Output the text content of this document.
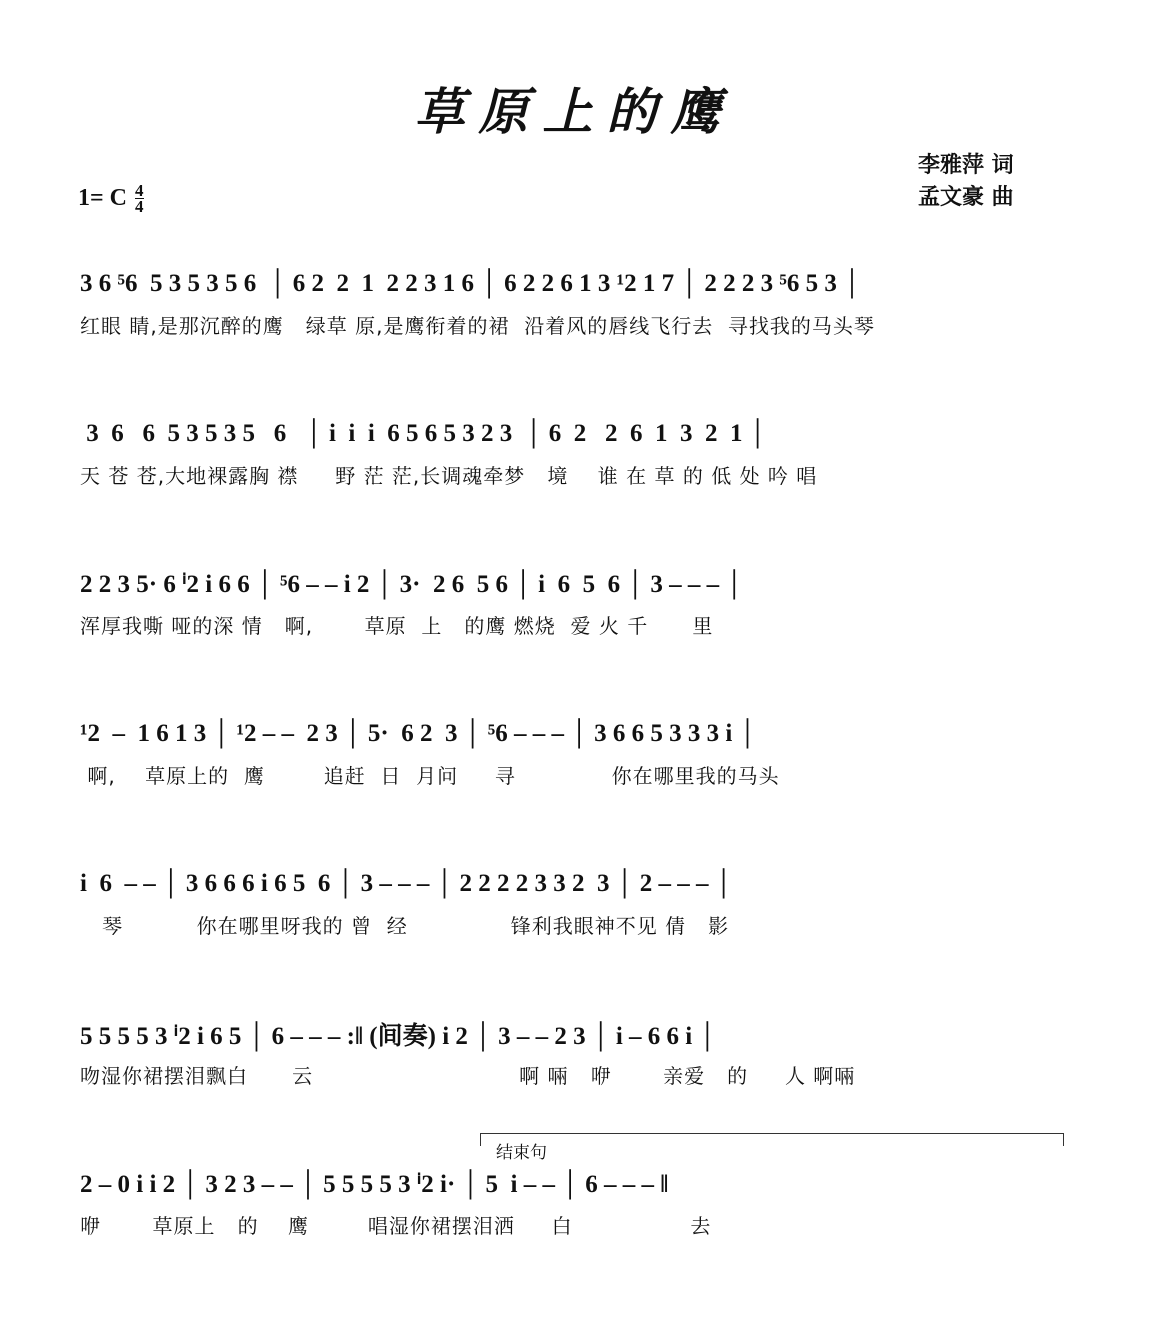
草原上的鹰
李雅萍 词
孟文豪 曲
1= C $\frac{4}{4}$
3 6 ⁵6  5 3 5 3 5 6  │ 6 2  2  1  2 2 3 1 6 │ 6 2 2 6 1 3 ¹2 1 7 │ 2 2 2 3 ⁵6 5 3 │
红眼 睛,是那沉醉的鹰   绿草 原,是鹰衔着的裙  沿着风的唇线飞行去  寻找我的马头琴
3  6   6  5 3 5 3 5   6   │ i  i  i  6 5 6 5 3 2 3  │ 6  2   2  6  1  3  2  1 │
天 苍 苍,大地裸露胸 襟     野 茫 茫,长调魂牵梦   境    谁 在 草 的 低 处 吟 唱
2 2 3 5· 6 ⁱ2 i 6 6 │ ⁵6 – – i 2 │ 3·  2 6  5 6 │ i  6  5  6 │ 3 – – – │
浑厚我嘶 哑的深 情   啊,       草原  上   的鹰 燃烧  爱 火 千      里
¹2  –  1 6 1 3 │ ¹2 – –  2 3 │ 5·  6 2  3 │ ⁵6 – – – │ 3 6 6 5 3 3 3 i │
啊,    草原上的  鹰        追赶  日  月问     寻             你在哪里我的马头
i  6  – – │ 3 6 6 6 i 6 5  6 │ 3 – – – │ 2 2 2 2 3 3 2  3 │ 2 – – – │
琴          你在哪里呀我的 曾  经              锋利我眼神不见 倩   影
5 5 5 5 3 ⁱ2 i 6 5 │ 6 – – – :‖ (间奏) i 2 │ 3 – – 2 3 │ i – 6 6 i │
吻湿你裙摆泪飘白      云                            啊 啢   咿       亲爱   的     人 啊啢
结束句
2 – 0 i i 2 │ 3 2 3 – – │ 5 5 5 5 3 ⁱ2 i· │ 5  i – – │ 6 – – – ‖
咿       草原上   的    鹰        唱湿你裙摆泪洒     白                去
